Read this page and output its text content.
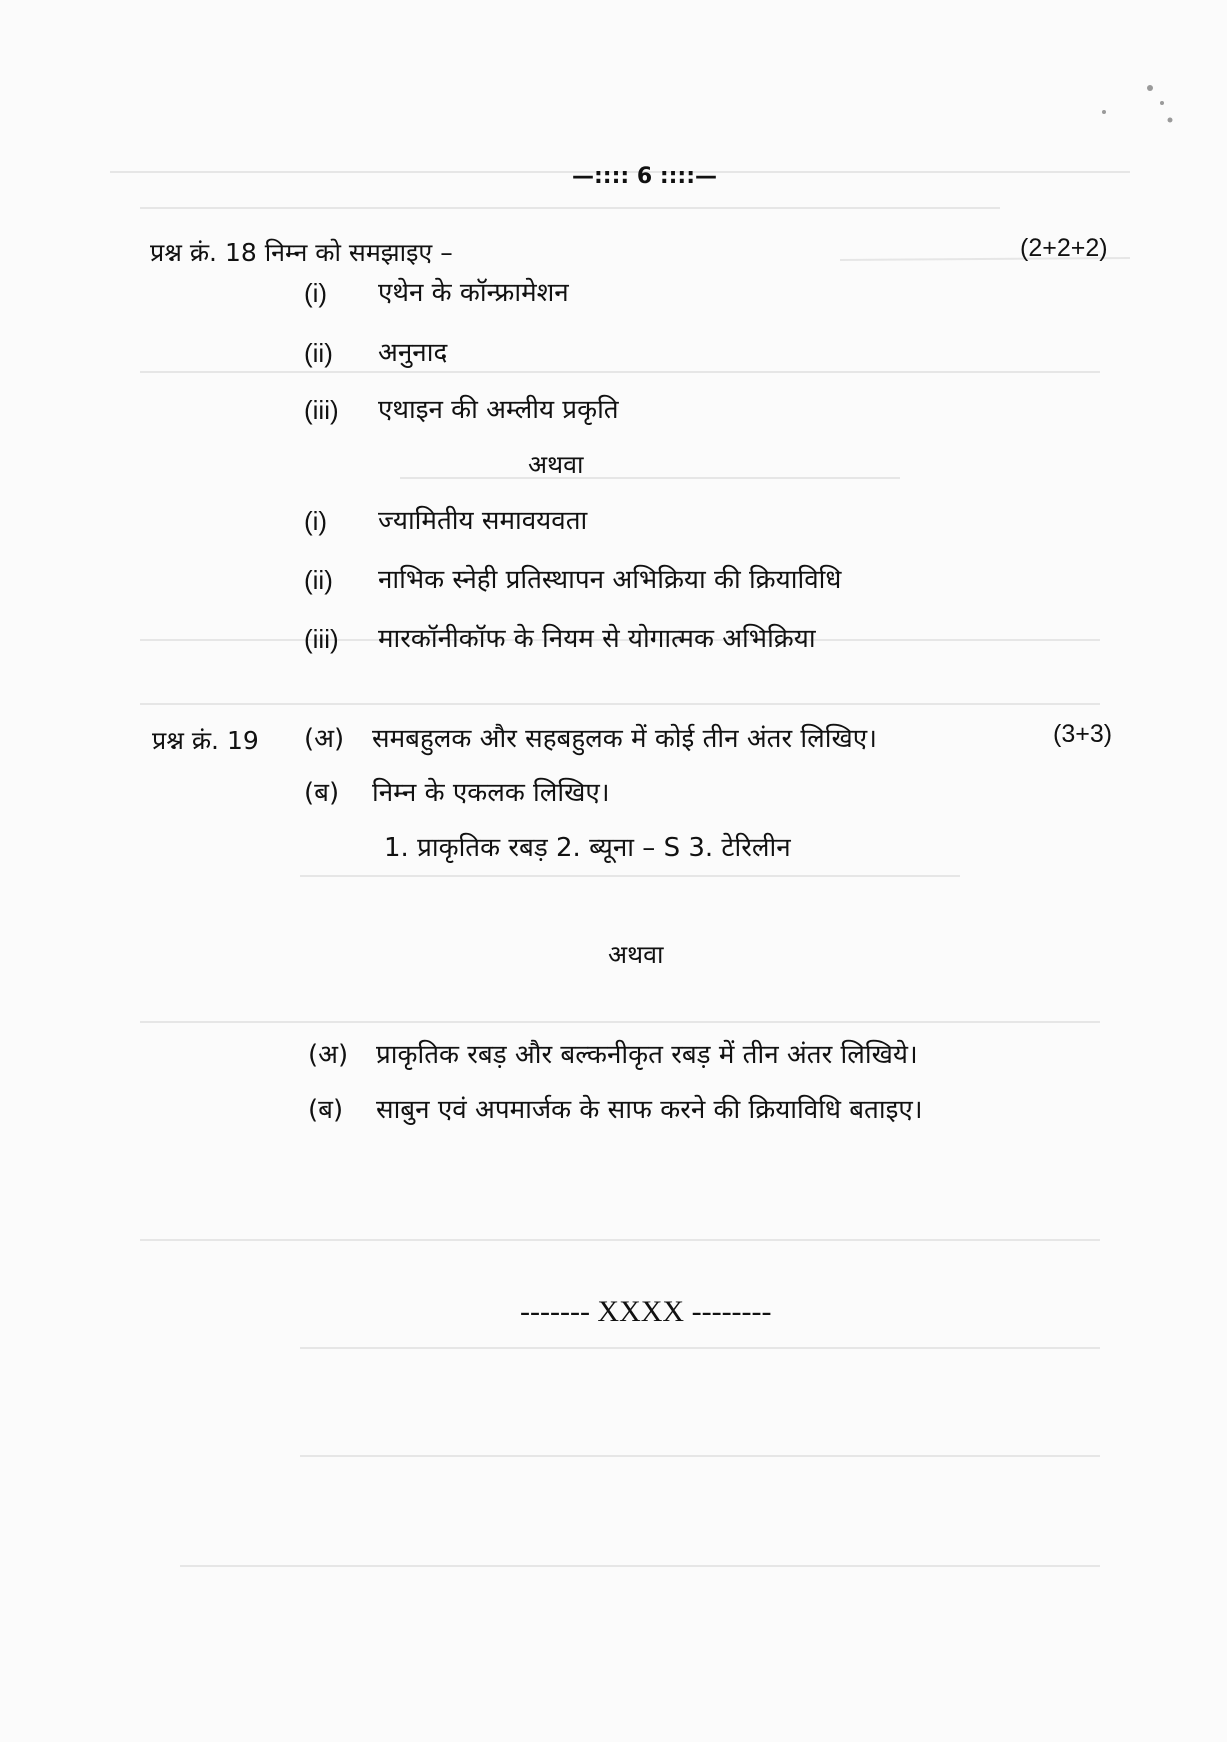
—:::: 6 ::::—
प्रश्न क्रं. 18 निम्न को समझाइए –	(2+2+2)
(i) एथेन के कॉन्फ्रामेशन
(ii) अनुनाद
(iii) एथाइन की अम्लीय प्रकृति
अथवा
(i) ज्यामितीय समावयवता
(ii) नाभिक स्नेही प्रतिस्थापन अभिक्रिया की क्रियाविधि
(iii) मारकॉनीकॉफ के नियम से योगात्मक अभिक्रिया
प्रश्न क्रं. 19 (अ) समबहुलक और सहबहुलक में कोई तीन अंतर लिखिए।	(3+3)
(ब) निम्न के एकलक लिखिए।
1. प्राकृतिक रबड़ 2. ब्यूना – S 3. टेरिलीन
अथवा
(अ) प्राकृतिक रबड़ और बल्कनीकृत रबड़ में तीन अंतर लिखिये।
(ब) साबुन एवं अपमार्जक के साफ करने की क्रियाविधि बताइए।
------- XXXX --------
